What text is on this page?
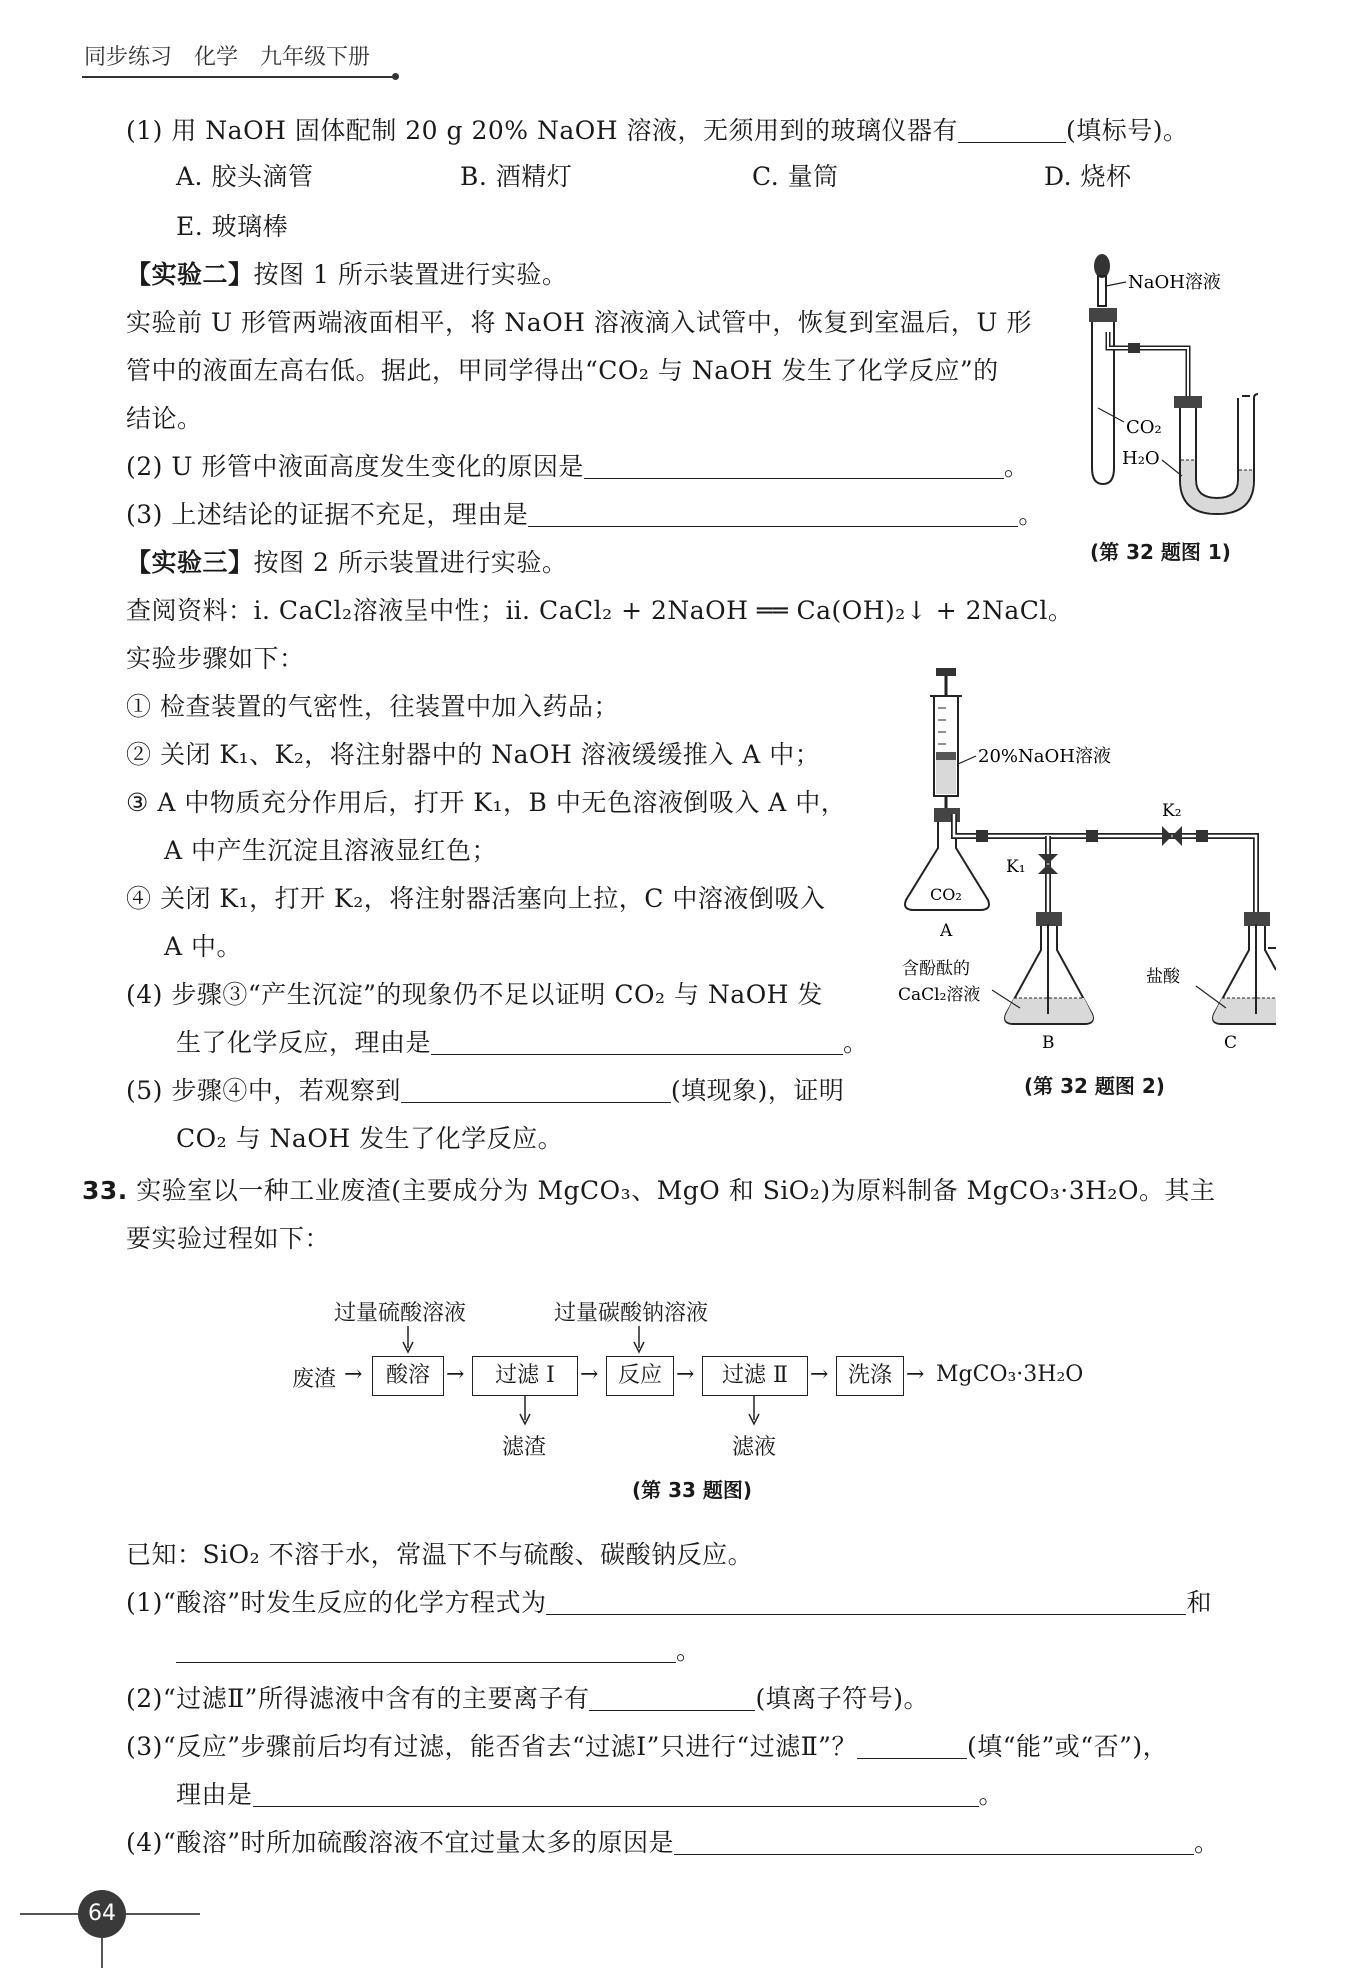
同步练习　化学　九年级下册
(1) 用 NaOH 固体配制 20 g 20% NaOH 溶液，无须用到的玻璃仪器有	(填标号)。
A. 胶头滴管	B. 酒精灯	C. 量筒	D. 烧杯
E. 玻璃棒
【实验二】按图 1 所示装置进行实验。
实验前 U 形管两端液面相平，将 NaOH 溶液滴入试管中，恢复到室温后，U 形
管中的液面左高右低。据此，甲同学得出“CO₂ 与 NaOH 发生了化学反应”的
结论。
(2) U 形管中液面高度发生变化的原因是	。
(3) 上述结论的证据不充足，理由是	。
NaOH溶液
CO₂
H₂O
(第 32 题图 1)
【实验三】按图 2 所示装置进行实验。
查阅资料：ⅰ. CaCl₂溶液呈中性；ⅱ. CaCl₂ + 2NaOH ══ Ca(OH)₂↓ + 2NaCl。
实验步骤如下：
① 检查装置的气密性，往装置中加入药品；
② 关闭 K₁、K₂，将注射器中的 NaOH 溶液缓缓推入 A 中；
③ A 中物质充分作用后，打开 K₁，B 中无色溶液倒吸入 A 中，
A 中产生沉淀且溶液显红色；
④ 关闭 K₁，打开 K₂，将注射器活塞向上拉，C 中溶液倒吸入
A 中。
(4) 步骤③“产生沉淀”的现象仍不足以证明 CO₂ 与 NaOH 发
生了化学反应，理由是	。
(5) 步骤④中，若观察到	(填现象)，证明
CO₂ 与 NaOH 发生了化学反应。
20%NaOH溶液
CO₂
A
K₂
K₁
含酚酞的
CaCl₂溶液
B
盐酸
C
(第 32 题图 2)
33. 实验室以一种工业废渣(主要成分为 MgCO₃、MgO 和 SiO₂)为原料制备 MgCO₃·3H₂O。其主
要实验过程如下：
过量硫酸溶液	过量碳酸钠溶液
废渣 →	酸溶 →	过滤 Ⅰ	→ 反应 →	过滤 Ⅱ	→ 洗涤 → MgCO₃·3H₂O
滤渣	滤液
(第 33 题图)
已知：SiO₂ 不溶于水，常温下不与硫酸、碳酸钠反应。
(1)“酸溶”时发生反应的化学方程式为	和
。
(2)“过滤Ⅱ”所得滤液中含有的主要离子有	(填离子符号)。
(3)“反应”步骤前后均有过滤，能否省去“过滤Ⅰ”只进行“过滤Ⅱ”？	(填“能”或“否”)，
理由是	。
(4)“酸溶”时所加硫酸溶液不宜过量太多的原因是	。
64
